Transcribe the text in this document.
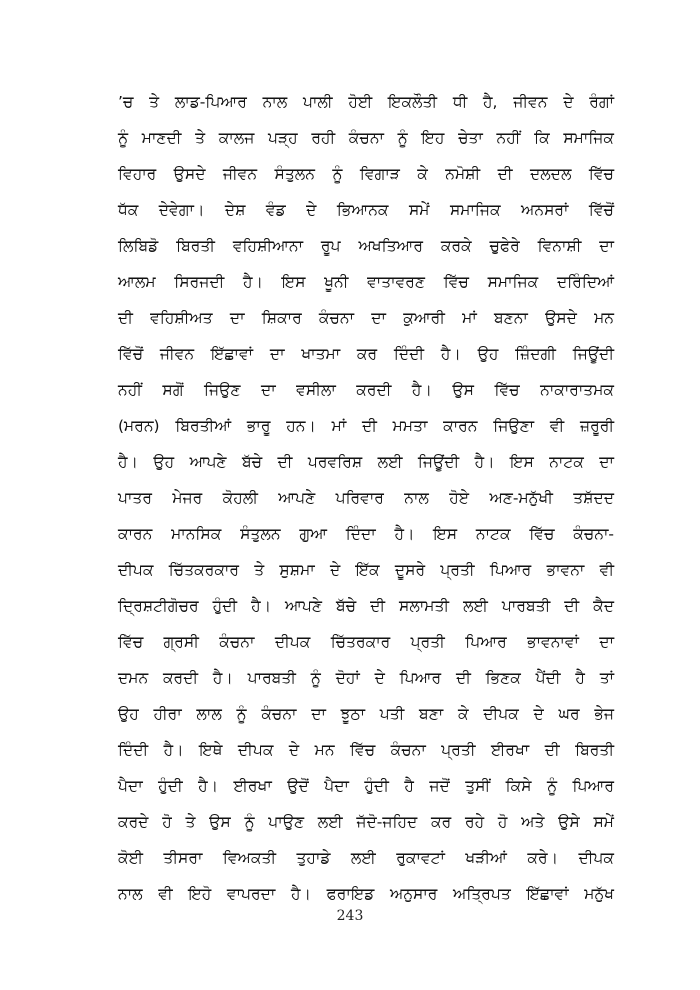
ʼਚ ਤੇ ਲਾਡ-ਪਿਆਰ ਨਾਲ ਪਾਲੀ ਹੋਈ ਇਕਲੌਤੀ ਧੀ ਹੈ, ਜੀਵਨ ਦੇ ਰੰਗਾਂ
ਨੂੰ ਮਾਣਦੀ ਤੇ ਕਾਲਜ ਪੜ੍ਹ ਰਹੀ ਕੰਚਨਾ ਨੂੰ ਇਹ ਚੇਤਾ ਨਹੀਂ ਕਿ ਸਮਾਜਿਕ
ਵਿਹਾਰ ਉਸਦੇ ਜੀਵਨ ਸੰਤੁਲਨ ਨੂੰ ਵਿਗਾੜ ਕੇ ਨਮੋਸ਼ੀ ਦੀ ਦਲਦਲ ਵਿੱਚ
ਧੱਕ ਦੇਵੇਗਾ। ਦੇਸ਼ ਵੰਡ ਦੇ ਭਿਆਨਕ ਸਮੇਂ ਸਮਾਜਿਕ ਅਨਸਰਾਂ ਵਿੱਚੋਂ
ਲਿਬਿਡੋ ਬਿਰਤੀ ਵਹਿਸ਼ੀਆਨਾ ਰੂਪ ਅਖਤਿਆਰ ਕਰਕੇ ਚੁਫੇਰੇ ਵਿਨਾਸ਼ੀ ਦਾ
ਆਲਮ ਸਿਰਜਦੀ ਹੈ। ਇਸ ਖੂਨੀ ਵਾਤਾਵਰਣ ਵਿੱਚ ਸਮਾਜਿਕ ਦਰਿੰਦਿਆਂ
ਦੀ ਵਹਿਸ਼ੀਅਤ ਦਾ ਸ਼ਿਕਾਰ ਕੰਚਨਾ ਦਾ ਕੁਆਰੀ ਮਾਂ ਬਣਨਾ ਉਸਦੇ ਮਨ
ਵਿੱਚੋਂ ਜੀਵਨ ਇੱਛਾਵਾਂ ਦਾ ਖਾਤਮਾ ਕਰ ਦਿੰਦੀ ਹੈ। ਉਹ ਜ਼ਿੰਦਗੀ ਜਿਊਂਦੀ
ਨਹੀਂ ਸਗੋਂ ਜਿਉਣ ਦਾ ਵਸੀਲਾ ਕਰਦੀ ਹੈ। ਉਸ ਵਿੱਚ ਨਾਕਾਰਾਤਮਕ
(ਮਰਨ) ਬਿਰਤੀਆਂ ਭਾਰੂ ਹਨ। ਮਾਂ ਦੀ ਮਮਤਾ ਕਾਰਨ ਜਿਉਣਾ ਵੀ ਜ਼ਰੂਰੀ
ਹੈ। ਉਹ ਆਪਣੇ ਬੱਚੇ ਦੀ ਪਰਵਰਿਸ਼ ਲਈ ਜਿਊਂਦੀ ਹੈ। ਇਸ ਨਾਟਕ ਦਾ
ਪਾਤਰ ਮੇਜਰ ਕੋਹਲੀ ਆਪਣੇ ਪਰਿਵਾਰ ਨਾਲ ਹੋਏ ਅਣ-ਮਨੁੱਖੀ ਤਸ਼ੱਦਦ
ਕਾਰਨ ਮਾਨਸਿਕ ਸੰਤੁਲਨ ਗੁਆ ਦਿੰਦਾ ਹੈ। ਇਸ ਨਾਟਕ ਵਿੱਚ ਕੰਚਨਾ-
ਦੀਪਕ ਚਿੱਤਕਰਕਾਰ ਤੇ ਸੁਸ਼ਮਾ ਦੇ ਇੱਕ ਦੂਸਰੇ ਪ੍ਰਤੀ ਪਿਆਰ ਭਾਵਨਾ ਵੀ
ਦ੍ਰਿਸ਼ਟੀਗੋਚਰ ਹੁੰਦੀ ਹੈ। ਆਪਣੇ ਬੱਚੇ ਦੀ ਸਲਾਮਤੀ ਲਈ ਪਾਰਬਤੀ ਦੀ ਕੈਦ
ਵਿੱਚ ਗ੍ਰਸੀ ਕੰਚਨਾ ਦੀਪਕ ਚਿੱਤਰਕਾਰ ਪ੍ਰਤੀ ਪਿਆਰ ਭਾਵਨਾਵਾਂ ਦਾ
ਦਮਨ ਕਰਦੀ ਹੈ। ਪਾਰਬਤੀ ਨੂੰ ਦੋਹਾਂ ਦੇ ਪਿਆਰ ਦੀ ਭਿਣਕ ਪੈਂਦੀ ਹੈ ਤਾਂ
ਉਹ ਹੀਰਾ ਲਾਲ ਨੂੰ ਕੰਚਨਾ ਦਾ ਝੂਠਾ ਪਤੀ ਬਣਾ ਕੇ ਦੀਪਕ ਦੇ ਘਰ ਭੇਜ
ਦਿੰਦੀ ਹੈ। ਇਥੇ ਦੀਪਕ ਦੇ ਮਨ ਵਿੱਚ ਕੰਚਨਾ ਪ੍ਰਤੀ ਈਰਖਾ ਦੀ ਬਿਰਤੀ
ਪੈਦਾ ਹੁੰਦੀ ਹੈ। ਈਰਖਾ ਉਦੋਂ ਪੈਦਾ ਹੁੰਦੀ ਹੈ ਜਦੋਂ ਤੁਸੀਂ ਕਿਸੇ ਨੂੰ ਪਿਆਰ
ਕਰਦੇ ਹੋ ਤੇ ਉਸ ਨੂੰ ਪਾਉਣ ਲਈ ਜੱਦੋ-ਜਹਿਦ ਕਰ ਰਹੇ ਹੋ ਅਤੇ ਉਸੇ ਸਮੇਂ
ਕੋਈ ਤੀਸਰਾ ਵਿਅਕਤੀ ਤੁਹਾਡੇ ਲਈ ਰੁਕਾਵਟਾਂ ਖੜੀਆਂ ਕਰੇ। ਦੀਪਕ
ਨਾਲ ਵੀ ਇਹੋ ਵਾਪਰਦਾ ਹੈ। ਫਰਾਇਡ ਅਨੁਸਾਰ ਅਤ੍ਰਿਪਤ ਇੱਛਾਵਾਂ ਮਨੁੱਖ
243
